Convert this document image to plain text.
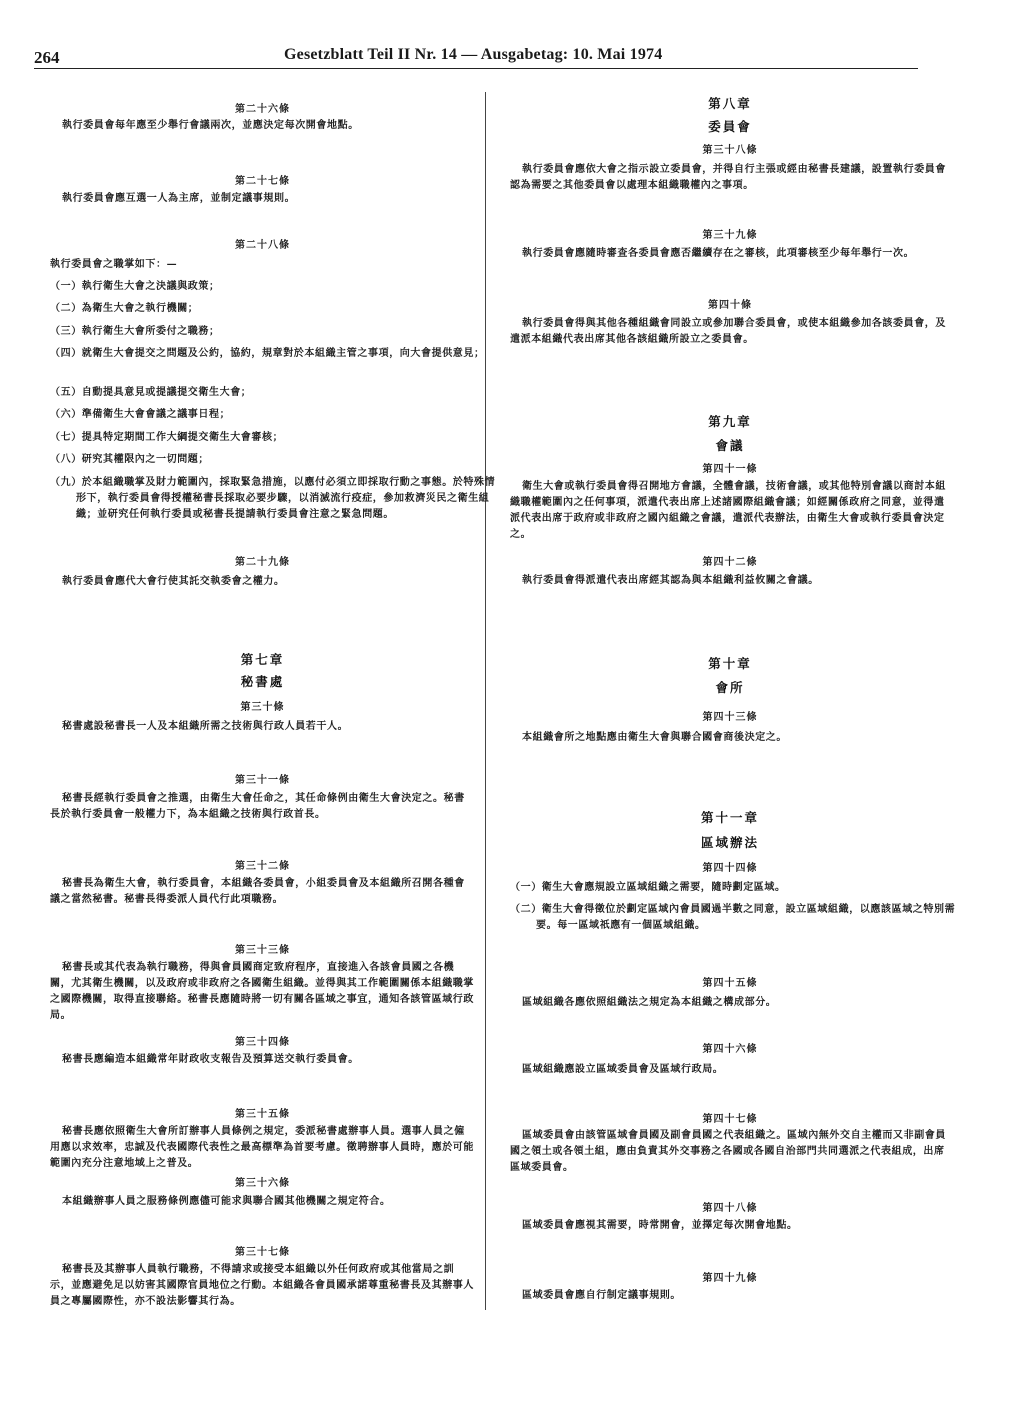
264	Gesetzblatt Teil II Nr. 14 — Ausgabetag: 10. Mai 1974
第二十六條
執行委員會每年應至少舉行會議兩次，並應決定每次開會地點。
第二十七條
執行委員會應互選一人為主席，並制定議事規則。
第二十八條
執行委員會之職掌如下：—
（一）執行衛生大會之決議與政策；
（二）為衛生大會之執行機關；
（三）執行衛生大會所委付之職務；
（四）就衛生大會提交之問題及公約，協約，規章對於本組織主管之事項，向大會提供意見；
（五）自動提具意見或提議提交衛生大會；
（六）準備衛生大會會議之議事日程；
（七）提具特定期間工作大綱提交衛生大會審核；
（八）研究其權限內之一切問題；
（九）於本組織職掌及財力範圍內，採取緊急措施，以應付必須立即採取行動之事態。於特殊情形下，執行委員會得授權秘書長採取必要步驟，以消滅流行疫症，參加救濟災民之衛生組織；並研究任何執行委員或秘書長提請執行委員會注意之緊急問題。
第二十九條
執行委員會應代大會行使其託交執委會之權力。
第七章
秘書處
第三十條
秘書處設秘書長一人及本組織所需之技術與行政人員若干人。
第三十一條
秘書長經執行委員會之推選，由衛生大會任命之，其任命條例由衛生大會決定之。秘書長於執行委員會一般權力下，為本組織之技術與行政首長。
第三十二條
秘書長為衛生大會，執行委員會，本組織各委員會，小組委員會及本組織所召開各種會議之當然秘書。秘書長得委派人員代行此項職務。
第三十三條
秘書長或其代表為執行職務，得與會員國商定致府程序，直接進入各該會員國之各機關，尤其衛生機關，以及政府或非政府之各國衛生組織。並得與其工作範圍關係本組織職掌之國際機關，取得直接聯絡。秘書長應隨時將一切有關各區域之事宜，通知各該管區域行政局。
第三十四條
秘書長應編造本組織常年財政收支報告及預算送交執行委員會。
第三十五條
秘書長應依照衛生大會所訂辦事人員條例之規定，委派秘書處辦事人員。選事人員之僱用應以求效率，忠誠及代表國際代表性之最高標準為首要考慮。徵聘辦事人員時，應於可能範圍內充分注意地域上之普及。
第三十六條
本組織辦事人員之服務條例應儘可能求與聯合國其他機關之規定符合。
第三十七條
秘書長及其辦事人員執行職務，不得請求或接受本組織以外任何政府或其他當局之訓示，並應避免足以妨害其國際官員地位之行動。本組織各會員國承諾尊重秘書長及其辦事人員之專屬國際性，亦不設法影響其行為。
第八章
委員會
第三十八條
執行委員會應依大會之指示設立委員會，并得自行主張或經由秘書長建議，設置執行委員會認為需要之其他委員會以處理本組織職權內之事項。
第三十九條
執行委員會應隨時審查各委員會應否繼續存在之審核，此項審核至少每年舉行一次。
第四十條
執行委員會得與其他各種組織會同設立或參加聯合委員會，或使本組織參加各該委員會，及遣派本組織代表出席其他各該組織所設立之委員會。
第九章
會議
第四十一條
衛生大會或執行委員會得召開地方會議，全體會議，技術會議，或其他特別會議以商討本組織職權範圍內之任何事項，派遣代表出席上述諸國際組織會議；如經關係政府之同意，並得遣派代表出席于政府或非政府之國內組織之會議，遣派代表辦法，由衛生大會或執行委員會決定之。
第四十二條
執行委員會得派遣代表出席經其認為與本組織利益攸關之會議。
第十章
會所
第四十三條
本組織會所之地點應由衛生大會與聯合國會商後決定之。
第十一章
區域辦法
第四十四條
（一）衛生大會應規設立區域組織之需要，隨時劃定區域。
（二）衛生大會得徵位於劃定區域內會員國過半數之同意，設立區域組織，以應該區域之特別需要。每一區域祇應有一個區域組織。
第四十五條
區域組織各應依照組織法之規定為本組織之構成部分。
第四十六條
區域組織應設立區域委員會及區域行政局。
第四十七條
區域委員會由該管區域會員國及副會員國之代表組織之。區域內無外交自主權而又非副會員國之領土或各領土組，應由負責其外交事務之各國或各國自治部門共同選派之代表組成，出席區域委員會。
第四十八條
區域委員會應視其需要，時常開會，並擇定每次開會地點。
第四十九條
區域委員會應自行制定議事規則。
